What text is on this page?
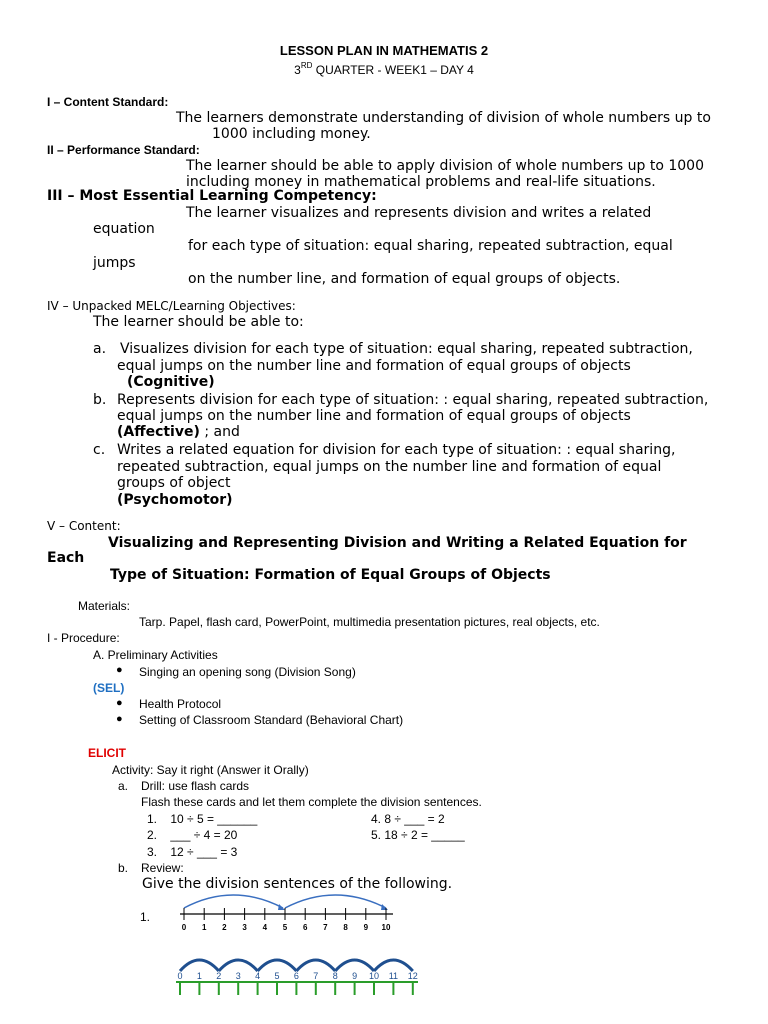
LESSON PLAN IN MATHEMATIS 2
3RD QUARTER - WEEK1 – DAY 4
I – Content Standard:
The learners demonstrate understanding of division of whole numbers up to
1000 including money.
II – Performance Standard:
The learner should be able to apply division of whole numbers up to 1000
including money in mathematical problems and real-life situations.
III – Most Essential Learning Competency:
The learner visualizes and represents division and writes a related
equation
for each type of situation: equal sharing, repeated subtraction, equal
jumps
on the number line, and formation of equal groups of objects.
IV – Unpacked MELC/Learning Objectives:
The learner should be able to:
a. Visualizes division for each type of situation: equal sharing, repeated subtraction,
equal jumps on the number line and formation of equal groups of objects
(Cognitive)
b. Represents division for each type of situation: : equal sharing, repeated subtraction,
equal jumps on the number line and formation of equal groups of objects
(Affective) ; and
c. Writes a related equation for division for each type of situation: : equal sharing,
repeated subtraction, equal jumps on the number line and formation of equal
groups of object
(Psychomotor)
V – Content:
Visualizing and Representing Division and Writing a Related Equation for
Each
Type of Situation: Formation of Equal Groups of Objects
Materials:
Tarp. Papel, flash card, PowerPoint, multimedia presentation pictures, real objects, etc.
I - Procedure:
A. Preliminary Activities
● Singing an opening song (Division Song)
(SEL)
● Health Protocol
● Setting of Classroom Standard (Behavioral Chart)
ELICIT
Activity: Say it right (Answer it Orally)
a. Drill: use flash cards
Flash these cards and let them complete the division sentences.
1. 10 ÷ 5 = ______
2. ___ ÷ 4 = 20
3. 12 ÷ ___ = 3
4. 8 ÷ ___ = 2
5. 18 ÷ 2 = _____
b. Review:
Give the division sentences of the following.
1.
0 1 2 3 4 5 6 7 8 9 10
0 1 2 3 4 5 6 7 8 9 10 11 12
